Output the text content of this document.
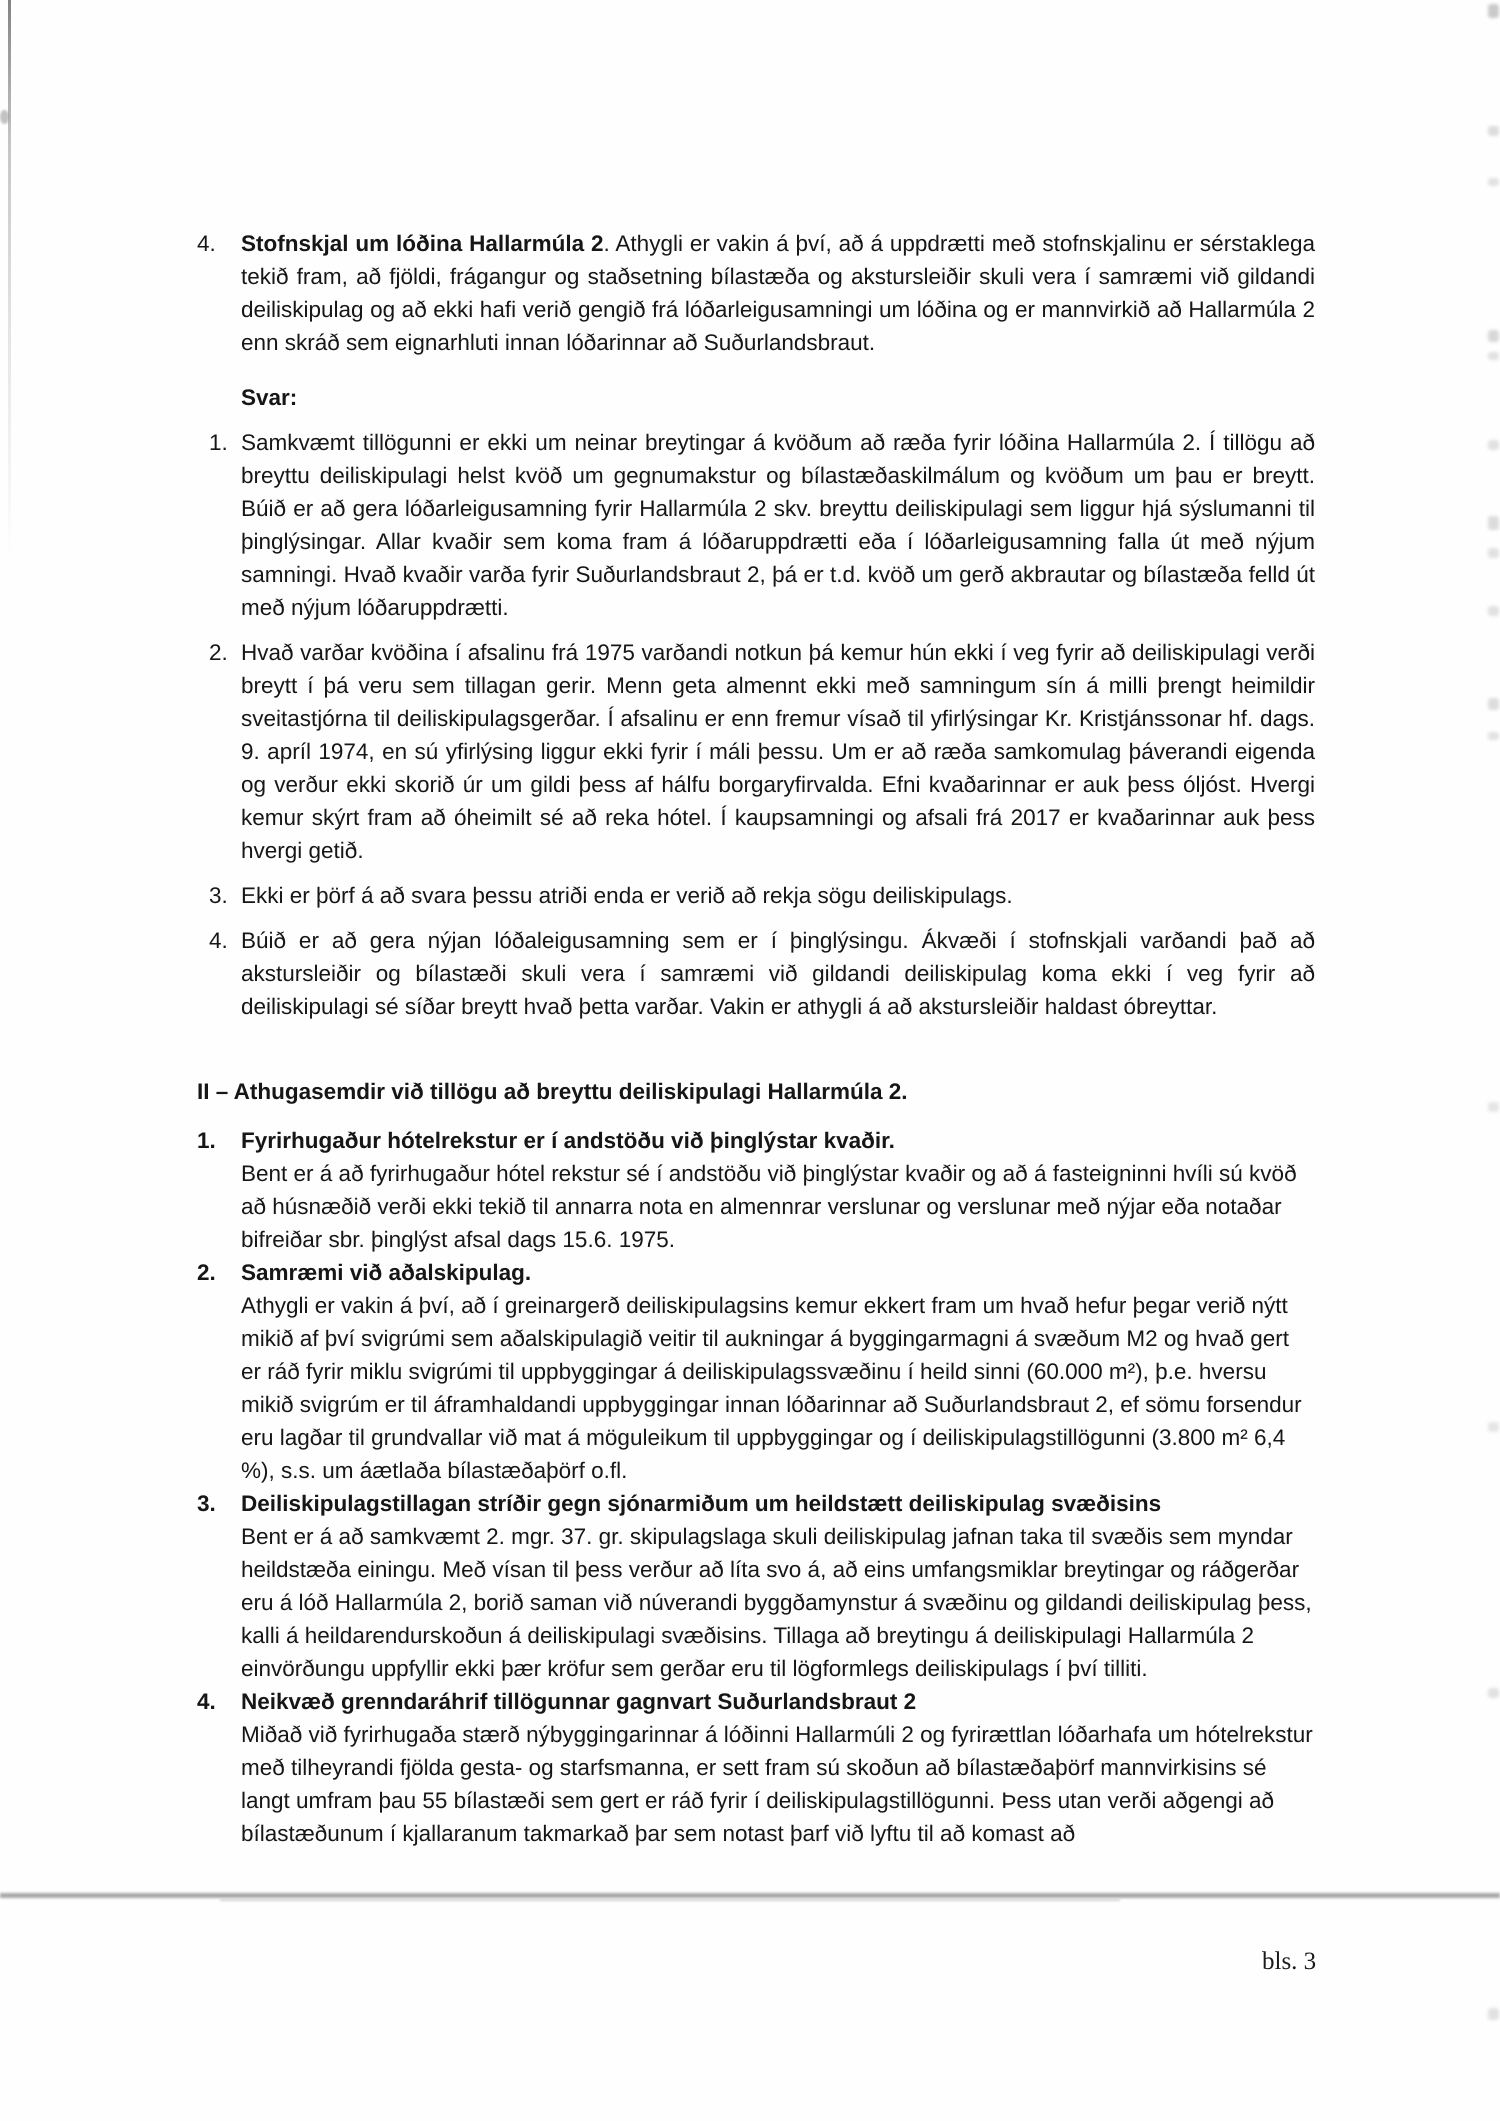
4.	Stofnskjal um lóðina Hallarmúla 2. Athygli er vakin á því, að á uppdrætti með stofnskjalinu er sérstaklega tekið fram, að fjöldi, frágangur og staðsetning bílastæða og akstursleiðir skuli vera í samræmi við gildandi deiliskipulag og að ekki hafi verið gengið frá lóðarleigusamningi um lóðina og er mannvirkið að Hallarmúla 2 enn skráð sem eignarhluti innan lóðarinnar að Suðurlandsbraut.
Svar:
1. Samkvæmt tillögunni er ekki um neinar breytingar á kvöðum að ræða fyrir lóðina Hallarmúla 2. Í tillögu að breyttu deiliskipulagi helst kvöð um gegnumakstur og bílastæðaskilmálum og kvöðum um þau er breytt. Búið er að gera lóðarleigusamning fyrir Hallarmúla 2 skv. breyttu deiliskipulagi sem liggur hjá sýslumanni til þinglýsingar. Allar kvaðir sem koma fram á lóðaruppdrætti eða í lóðarleigusamning falla út með nýjum samningi. Hvað kvaðir varða fyrir Suðurlandsbraut 2, þá er t.d. kvöð um gerð akbrautar og bílastæða felld út með nýjum lóðaruppdrætti.
2. Hvað varðar kvöðina í afsalinu frá 1975 varðandi notkun þá kemur hún ekki í veg fyrir að deiliskipulagi verði breytt í þá veru sem tillagan gerir. Menn geta almennt ekki með samningum sín á milli þrengt heimildir sveitastjórna til deiliskipulagsgerðar. Í afsalinu er enn fremur vísað til yfirlýsingar Kr. Kristjánssonar hf. dags. 9. apríl 1974, en sú yfirlýsing liggur ekki fyrir í máli þessu. Um er að ræða samkomulag þáverandi eigenda og verður ekki skorið úr um gildi þess af hálfu borgaryfirvalda. Efni kvaðarinnar er auk þess óljóst. Hvergi kemur skýrt fram að óheimilt sé að reka hótel. Í kaupsamningi og afsali frá 2017 er kvaðarinnar auk þess hvergi getið.
3. Ekki er þörf á að svara þessu atriði enda er verið að rekja sögu deiliskipulags.
4. Búið er að gera nýjan lóðaleigusamning sem er í þinglýsingu. Ákvæði í stofnskjali varðandi það að akstursleiðir og bílastæði skuli vera í samræmi við gildandi deiliskipulag koma ekki í veg fyrir að deiliskipulagi sé síðar breytt hvað þetta varðar. Vakin er athygli á að akstursleiðir haldast óbreyttar.
II – Athugasemdir við tillögu að breyttu deiliskipulagi Hallarmúla 2.
1.	Fyrirhugaður hótelrekstur er í andstöðu við þinglýstar kvaðir.
Bent er á að fyrirhugaður hótel rekstur sé í andstöðu við þinglýstar kvaðir og að á fasteigninni hvíli sú kvöð að húsnæðið verði ekki tekið til annarra nota en almennrar verslunar og verslunar með nýjar eða notaðar bifreiðar sbr. þinglýst afsal dags 15.6. 1975.
2.	Samræmi við aðalskipulag.
Athygli er vakin á því, að í greinargerð deiliskipulagsins kemur ekkert fram um hvað hefur þegar verið nýtt mikið af því svigrúmi sem aðalskipulagið veitir til aukningar á byggingarmagni á svæðum M2 og hvað gert er ráð fyrir miklu svigrúmi til uppbyggingar á deiliskipulagssvæðinu í heild sinni (60.000 m²), þ.e. hversu mikið svigrúm er til áframhaldandi uppbyggingar innan lóðarinnar að Suðurlandsbraut 2, ef sömu forsendur eru lagðar til grundvallar við mat á möguleikum til uppbyggingar og í deiliskipulagstillögunni (3.800 m² 6,4 %), s.s. um áætlaða bílastæðaþörf o.fl.
3.	Deiliskipulagstillagan stríðir gegn sjónarmiðum um heildstætt deiliskipulag svæðisins
Bent er á að samkvæmt 2. mgr. 37. gr. skipulagslaga skuli deiliskipulag jafnan taka til svæðis sem myndar heildstæða einingu. Með vísan til þess verður að líta svo á, að eins umfangsmiklar breytingar og ráðgerðar eru á lóð Hallarmúla 2, borið saman við núverandi byggðamynstur á svæðinu og gildandi deiliskipulag þess, kalli á heildarendurskoðun á deiliskipulagi svæðisins. Tillaga að breytingu á deiliskipulagi Hallarmúla 2 einvörðungu uppfyllir ekki þær kröfur sem gerðar eru til lögformlegs deiliskipulags í því tilliti.
4.	Neikvæð grenndaráhrif tillögunnar gagnvart Suðurlandsbraut 2
Miðað við fyrirhugaða stærð nýbyggingarinnar á lóðinni Hallarmúli 2 og fyrirættlan lóðarhafa um hótelrekstur með tilheyrandi fjölda gesta- og starfsmanna, er sett fram sú skoðun að bílastæðaþörf mannvirkisins sé langt umfram þau 55 bílastæði sem gert er ráð fyrir í deiliskipulagstillögunni. Þess utan verði aðgengi að bílastæðunum í kjallaranum takmarkað þar sem notast þarf við lyftu til að komast að
bls. 3
